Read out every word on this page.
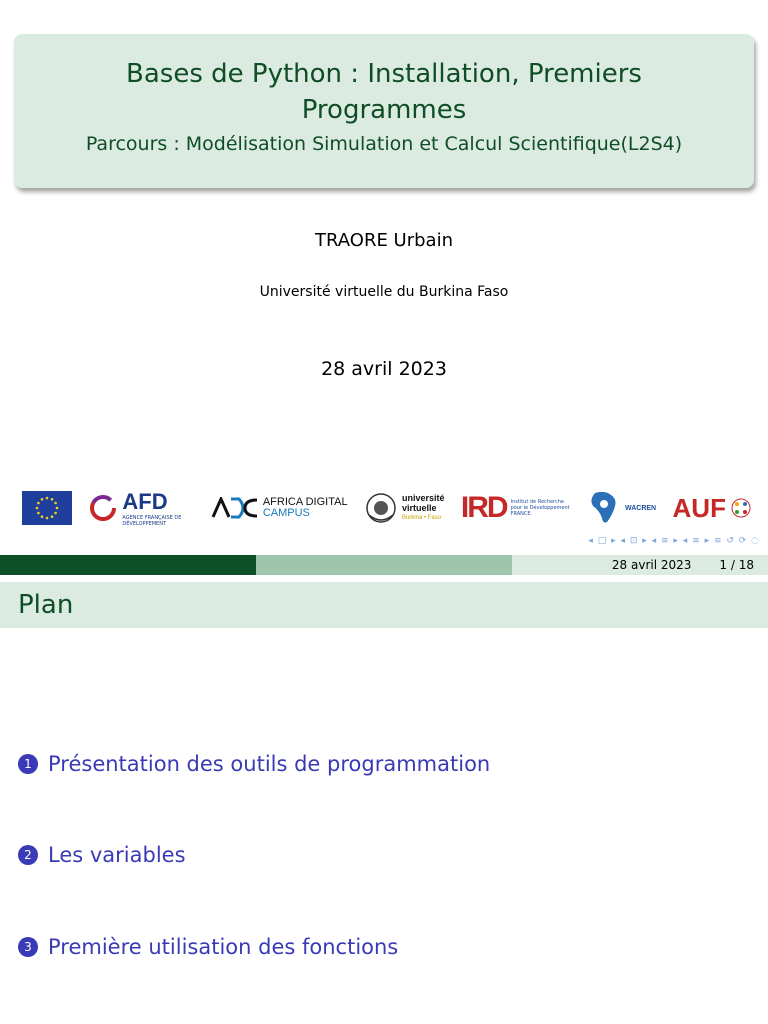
Bases de Python : Installation, Premiers Programmes
Parcours : Modélisation Simulation et Calcul Scientifique(L2S4)
TRAORE Urbain
Université virtuelle du Burkina Faso
28 avril 2023
AFD
AGENCE FRANÇAISE DE DÉVELOPPEMENT
AFRICA DIGITAL
CAMPUS
université
virtuelle
Burkina • Faso IRD Institut de Recherche pour le Développement FRANCE
WACREN AUF
◂ □ ▸ ◂ ⊡ ▸ ◂ ≡ ▸ ◂ ≡ ▸ ≡ ↺ ⟳ ◌
28 avril 2023 1 / 18
Plan
1 Présentation des outils de programmation
2 Les variables
3 Première utilisation des fonctions
